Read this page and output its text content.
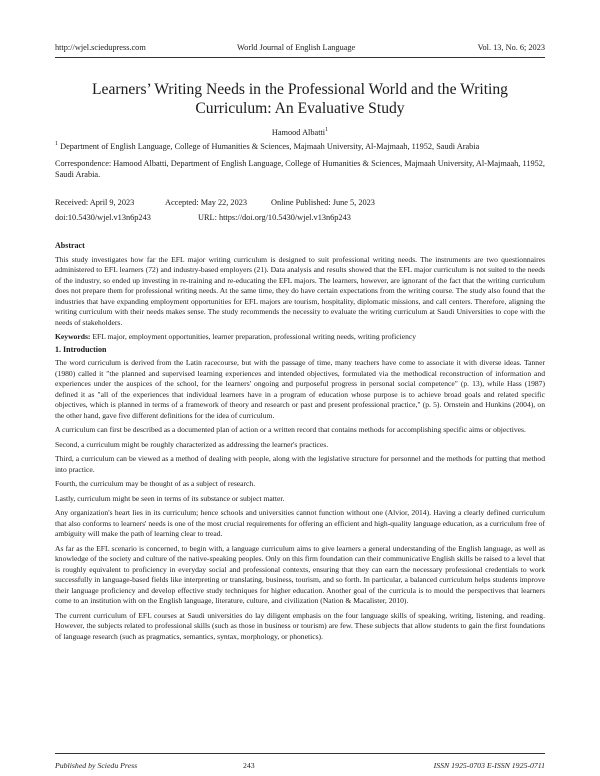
http://wjel.sciedupress.com	World Journal of English Language	Vol. 13, No. 6; 2023
Learners’ Writing Needs in the Professional World and the Writing
Curriculum: An Evaluative Study
Hamood Albatti$^1$
$^1$ Department of English Language, College of Humanities & Sciences, Majmaah University, Al-Majmaah, 11952, Saudi Arabia
Correspondence: Hamood Albatti, Department of English Language, College of Humanities & Sciences, Majmaah University, Al-Majmaah, 11952, Saudi Arabia.
Received: April 9, 2023	Accepted: May 22, 2023	Online Published: June 5, 2023
doi:10.5430/wjel.v13n6p243	URL: https://doi.org/10.5430/wjel.v13n6p243
Abstract

This study investigates how far the EFL major writing curriculum is designed to suit professional writing needs. The instruments are two questionnaires administered to EFL learners (72) and industry-based employers (21). Data analysis and results showed that the EFL major curriculum is not suited to the needs of the industry, so ended up investing in re-training and re-educating the EFL majors. The learners, however, are ignorant of the fact that the writing curriculum does not prepare them for professional writing needs. At the same time, they do have certain expectations from the writing course. The study also found that the industries that have expanding employment opportunities for EFL majors are tourism, hospitality, diplomatic missions, and call centers. Therefore, aligning the writing curriculum with their needs makes sense. The study recommends the necessity to evaluate the writing curriculum at Saudi Universities to cope with the needs of stakeholders.

Keywords: EFL major, employment opportunities, learner preparation, professional writing needs, writing proficiency
1. Introduction

The word curriculum is derived from the Latin racecourse, but with the passage of time, many teachers have come to associate it with diverse ideas. Tanner (1980) called it "the planned and supervised learning experiences and intended objectives, formulated via the methodical reconstruction of information and experiences under the auspices of the school, for the learners' ongoing and purposeful progress in personal social competence" (p. 13), while Hass (1987) defined it as "all of the experiences that individual learners have in a program of education whose purpose is to achieve broad goals and related specific objectives, which is planned in terms of a framework of theory and research or past and present professional practice," (p. 5). Ornstein and Hunkins (2004), on the other hand, gave five different definitions for the idea of curriculum.

A curriculum can first be described as a documented plan of action or a written record that contains methods for accomplishing specific aims or objectives.

Second, a curriculum might be roughly characterized as addressing the learner's practices.

Third, a curriculum can be viewed as a method of dealing with people, along with the legislative structure for personnel and the methods for putting that method into practice.

Fourth, the curriculum may be thought of as a subject of research.

Lastly, curriculum might be seen in terms of its substance or subject matter.

Any organization's heart lies in its curriculum; hence schools and universities cannot function without one (Alvior, 2014). Having a clearly defined curriculum that also conforms to learners' needs is one of the most crucial requirements for offering an efficient and high-quality language education, as a curriculum free of ambiguity will make the path of learning clear to tread.

As far as the EFL scenario is concerned, to begin with, a language curriculum aims to give learners a general understanding of the English language, as well as knowledge of the society and culture of the native-speaking peoples. Only on this firm foundation can their communicative English skills be raised to a level that is roughly equivalent to proficiency in everyday social and professional contexts, ensuring that they can earn the necessary professional credentials to work successfully in language-based fields like interpreting or translating, business, tourism, and so forth. In particular, a balanced curriculum helps students improve their language proficiency and develop effective study techniques for higher education. Another goal of the curricula is to mould the perspectives that learners come to an institution with on the English language, literature, culture, and civilization (Nation & Macalister, 2010).

The current curriculum of EFL courses at Saudi universities do lay diligent emphasis on the four language skills of speaking, writing, listening, and reading. However, the subjects related to professional skills (such as those in business or tourism) are few. These subjects that allow students to gain the first foundations of language research (such as pragmatics, semantics, syntax, morphology, or phonetics).

Published by Sciedu Press	243	ISSN 1925-0703 E-ISSN 1925-0711
